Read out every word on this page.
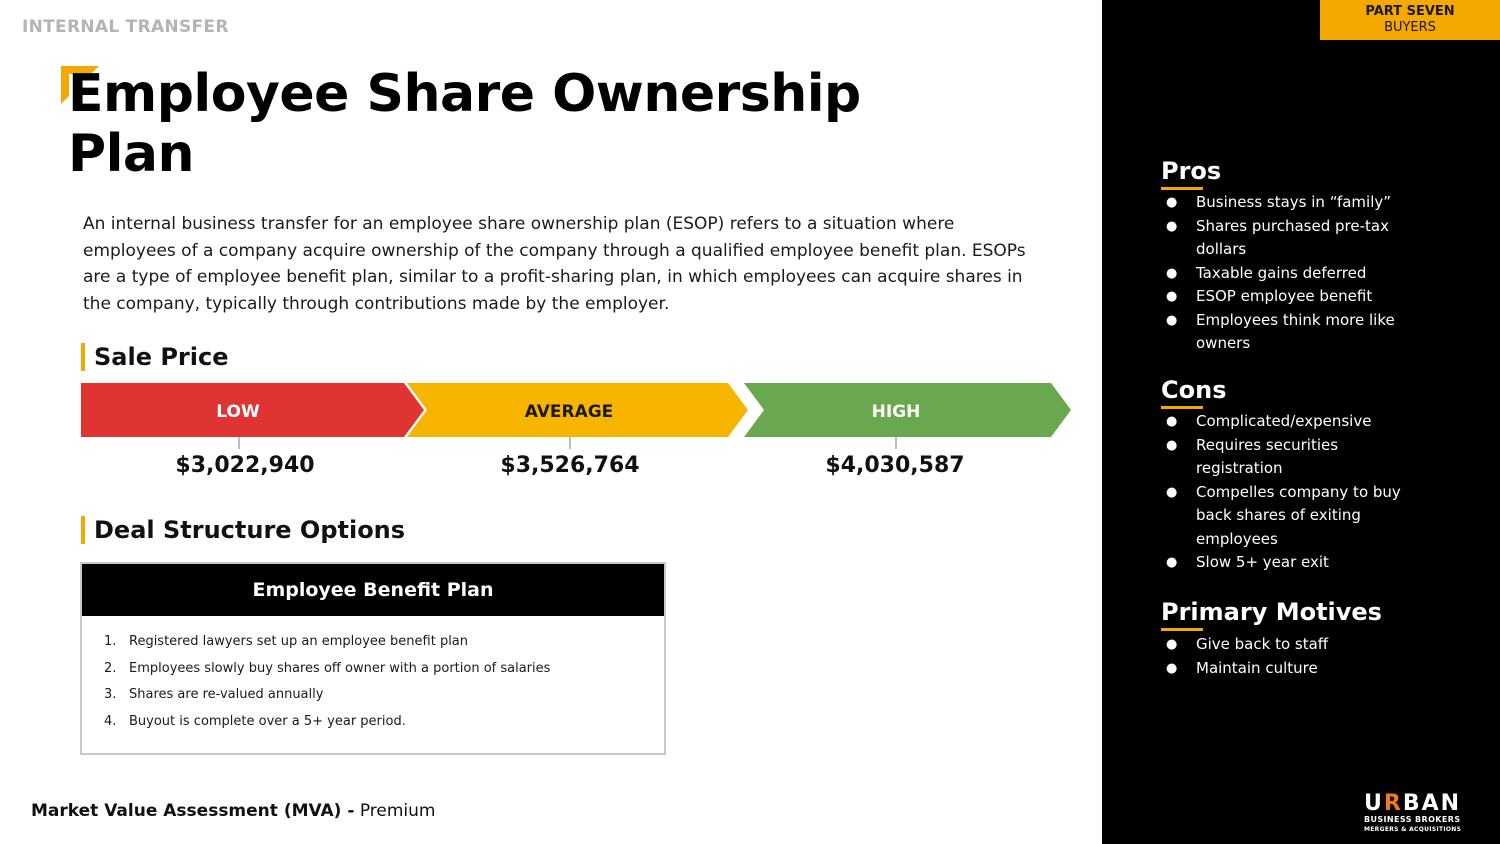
INTERNAL TRANSFER
Employee Share Ownership Plan

An internal business transfer for an employee share ownership plan (ESOP) refers to a situation where employees of a company acquire ownership of the company through a qualified employee benefit plan. ESOPs are a type of employee benefit plan, similar to a profit-sharing plan, in which employees can acquire shares in the company, typically through contributions made by the employer.

Sale Price
LOW	AVERAGE	HIGH
$3,022,940	$3,526,764	$4,030,587
Deal Structure Options
Employee Benefit Plan
1. Registered lawyers set up an employee benefit plan
2. Employees slowly buy shares off owner with a portion of salaries
3. Shares are re-valued annually
4. Buyout is complete over a 5+ year period.
Market Value Assessment (MVA) - Premium
PART SEVEN
BUYERS
Pros
●	Business stays in “family”
●	Shares purchased pre-tax dollars
●	Taxable gains deferred
●	ESOP employee benefit
●	Employees think more like owners
Cons
●	Complicated/expensive
●	Requires securities registration
●	Compelles company to buy back shares of exiting employees
●	Slow 5+ year exit
Primary Motives
●	Give back to staff
●	Maintain culture
URBAN
BUSINESS BROKERS
MERGERS & ACQUISITIONS
